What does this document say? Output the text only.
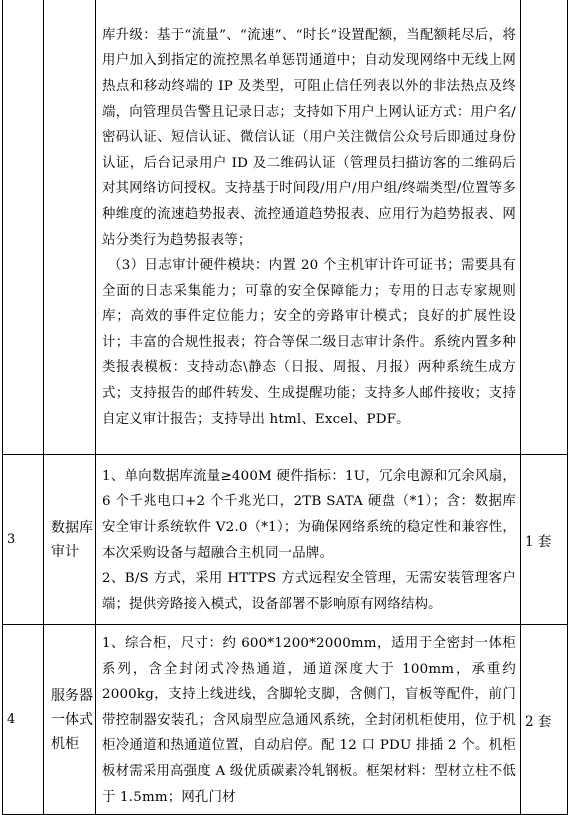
		库升级：基于“流量”、“流速”、“时长”设置配额，当配额耗尽后，将用户加入到指定的流控黑名单惩罚通道中；自动发现网络中无线上网热点和移动终端的 IP 及类型，可阻止信任列表以外的非法热点及终端，向管理员告警且记录日志；支持如下用户上网认证方式：用户名/密码认证、短信认证、微信认证（用户关注微信公众号后即通过身份认证，后台记录用户 ID 及二维码认证（管理员扫描访客的二维码后对其网络访问授权。支持基于时间段/用户/用户组/终端类型/位置等多种维度的流速趋势报表、流控通道趋势报表、应用行为趋势报表、网站分类行为趋势报表等；

（3）日志审计硬件模块：内置 20 个主机审计许可证书；需要具有全面的日志采集能力；可靠的安全保障能力；专用的日志专家规则库；高效的事件定位能力；安全的旁路审计模式；良好的扩展性设计；丰富的合规性报表；符合等保二级日志审计条件。系统内置多种类报表模板：支持动态\静态（日报、周报、月报）两种系统生成方式；支持报告的邮件转发、生成提醒功能；支持多人邮件接收；支持自定义审计报告；支持导出 html、Excel、PDF。	

3	数据库审计	1、单向数据库流量≥400M 硬件指标：1U，冗余电源和冗余风扇，6 个千兆电口+2 个千兆光口，2TB SATA 硬盘（*1）；含：数据库安全审计系统软件 V2.0（*1）；为确保网络系统的稳定性和兼容性，本次采购设备与超融合主机同一品牌。

2、B/S 方式，采用 HTTPS 方式远程安全管理，无需安装管理客户端；提供旁路接入模式，设备部署不影响原有网络结构。	1 套
4	服务器一体式机柜	1、综合柜，尺寸：约 600*1200*2000mm，适用于全密封一体柜系列，含全封闭式冷热通道，通道深度大于 100mm，承重约 2000kg，支持上线进线，含脚轮支脚，含侧门，盲板等配件，前门带控制器安装孔；含风扇型应急通风系统，全封闭机柜使用，位于机柜冷通道和热通道位置，自动启停。配 12 口 PDU 排插 2 个。机柜板材需采用高强度 A 级优质碳素冷轧钢板。框架材料：型材立柱不低于 1.5mm；网孔门材	2 套
